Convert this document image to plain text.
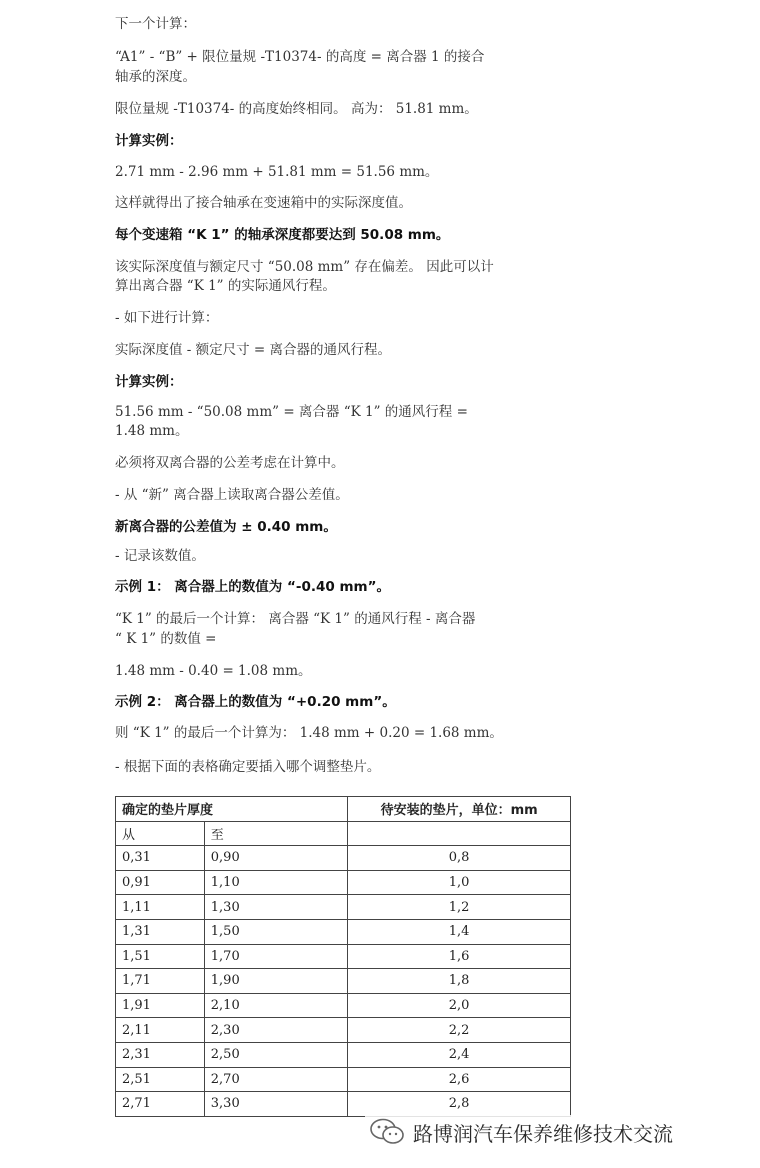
下一个计算：
“A1” - “B” + 限位量规 -T10374- 的高度 = 离合器 1 的接合
轴承的深度。
限位量规 -T10374- 的高度始终相同。 高为： 51.81 mm。
计算实例：
2.71 mm - 2.96 mm + 51.81 mm = 51.56 mm。
这样就得出了接合轴承在变速箱中的实际深度值。
每个变速箱 “K 1” 的轴承深度都要达到 50.08 mm。
该实际深度值与额定尺寸 “50.08 mm” 存在偏差。 因此可以计
算出离合器 “K 1” 的实际通风行程。
- 如下进行计算：
实际深度值 - 额定尺寸 = 离合器的通风行程。
计算实例：
51.56 mm - “50.08 mm” = 离合器 “K 1” 的通风行程 =
1.48 mm。
必须将双离合器的公差考虑在计算中。
- 从 “新” 离合器上读取离合器公差值。
新离合器的公差值为 ± 0.40 mm。
- 记录该数值。
示例 1： 离合器上的数值为 “-0.40 mm”。
“K 1” 的最后一个计算： 离合器 “K 1” 的通风行程 - 离合器
“ K 1” 的数值 =
1.48 mm - 0.40 = 1.08 mm。
示例 2： 离合器上的数值为 “+0.20 mm”。
则 “K 1” 的最后一个计算为： 1.48 mm + 0.20 = 1.68 mm。
- 根据下面的表格确定要插入哪个调整垫片。
确定的垫片厚度		待安装的垫片，单位：mm
从	至	
0,31	0,90	0,8
0,91	1,10	1,0
1,11	1,30	1,2
1,31	1,50	1,4
1,51	1,70	1,6
1,71	1,90	1,8
1,91	2,10	2,0
2,11	2,30	2,2
2,31	2,50	2,4
2,51	2,70	2,6
2,71	3,30	2,8
路博润汽车保养维修技术交流
